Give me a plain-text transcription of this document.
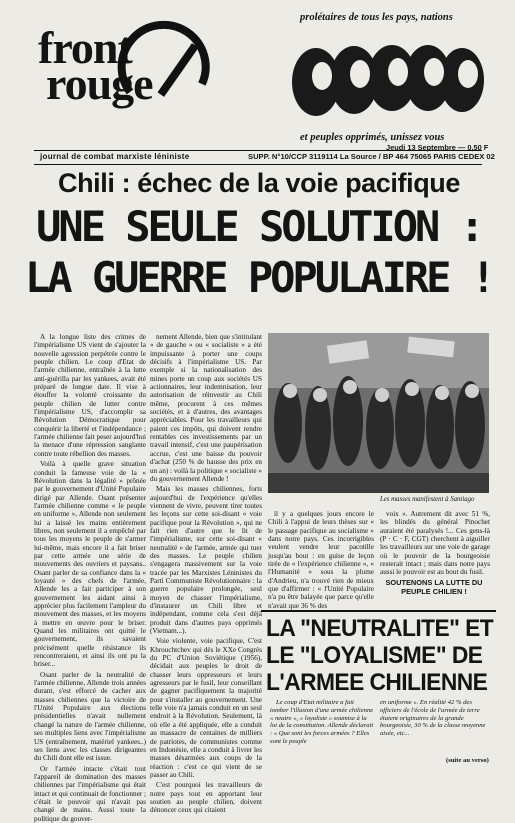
front
rouge
prolétaires de tous les pays, nations
et peuples opprimés, unissez vous
Jeudi 13 Septembre — 0,50 F
journal de combat marxiste léniniste	SUPP. N°10/CCP 3119114 La Source / BP 464 75065 PARIS CEDEX 02
Chili : échec de la voie pacifique
UNE SEULE SOLUTION :
LA GUERRE POPULAIRE !

A la longue liste des crimes de l'impérialisme US vient de s'ajouter la nouvelle agression perpétrée contre le peuple chilien. Le coup d'Etat de l'armée chilienne, entraînée à la lutte anti-guérilla par les yankees, avait été préparé de longue date. Il vise à étouffer la volonté croissante du peuple chilien de lutter contre l'impérialisme US, d'accomplir sa Révolution Démocratique pour conquérir la liberté et l'indépendance ; l'armée chilienne fait peser aujourd'hui la menace d'une répression sanglante contre toute rébellion des masses.

Voilà à quelle grave situation conduit la fameuse voie de la « Révolution dans la légalité » prônée par le gouvernement d'Unité Populaire dirigé par Allende. Osant présenter l'armée chilienne comme « le peuple en uniforme », Allende non seulement lui a laissé les mains entièrement libres, non seulement il a empêché par tous les moyens le peuple de s'armer lui-même, mais encore il a fait briser par cette armée une série de mouvements des ouvriers et paysans.. Osant parler de sa confiance dans la « loyauté » des chefs de l'armée, Allende les a fait participer à son gouvernement les aidant ainsi à apprécier plus facilement l'ampleur du mouvement des masses, et les moyens à mettre en œuvre pour le briser. Quand les militaires ont quitté le gouvernement, ils savaient précisément quelle résistance ils rencontreraient, et ainsi ils ont pu la briser...

Osant parler de la neutralité de l'armée chilienne, Allende trois années durant, s'est efforcé de cacher aux masses chiliennes que la victoire de l'Unité Populaire aux élections présidentielles n'avait nullement changé la nature de l'armée chilienne, ses multiples liens avec l'impérialisme US (entraînement, matériel yankees..) ses liens avec les classes dirigeantes du Chili dont elle est issue.

Or l'armée intacte c'était tout l'appareil de domination des masses chiliennes par l'impérialisme qui était intact et qui continuait de fonctionner ; c'était le pouvoir qui n'avait pas changé de mains. Aussi toute la politique du gouver-

nement Allende, bien que s'intitulant « de gauche » ou « socialiste » a été impuissante à porter une coups décisifs à l'impérialisme US. Par exemple si la nationalisation des mines porte un coup aux sociétés US actionnaires, leur indemnisation, leur autorisation de réinvestir au Chili même, procurent à ces mêmes sociétés, et à d'autres, des avantages appréciables. Pour les travailleurs qui paient ces impôts, qui doivent rendre rentables ces investissements par un travail intensif, c'est une paupérisation accrue, c'est une baisse du pouvoir d'achat (250 % de hausse des prix en un an) : voilà la politique « socialiste » du gouvernement Allende !

Mais les masses chiliennes, forts aujourd'hui de l'expérience qu'elles viennent de vivre, peuvent tirer toutes les leçons sur cette soi-disant « voie pacifique pour la Révolution », qui ne fait rien d'autre que le lit de l'impérialisme, sur cette soi-disant « neutralité » de l'armée, armée qui tuer des masses. Le peuple chilien s'engagera massivement sur la voie tracée par les Marxistes Léninistes du Parti Communiste Révolutionnaire : la guerre populaire prolongée, seul moyen de chasser l'impérialisme, d'instaurer un Chili libre et indépendant, comme cela s'est déjà produit dans d'autres pays opprimés (Vietnam...).

Voie violente, voie pacifique, C'est Khrouchtchev qui dès le XXe Congrès du PC d'Union Soviétique (1956), décidait aux peuples le droit de chasser leurs oppresseurs et leurs agresseurs par le fusil, leur conseillant de gagner pacifiquement la majorité pour s'installer au gouvernement. Une telle voie n'a jamais conduit en un seul endroit à la Révolution. Seulement, là où elle a été appliquée, elle a conduit au massacre de centaines de milliers de patriotes, de communistes comme en Indonésie, elle a conduit à livrer les masses désarmées aux coups de la réaction : c'est ce qui vient de se passer au Chili.

C'est pourquoi les travailleurs de notre pays tout en apportant leur soutien au peuple chilien, doivent dénoncer ceux qui citaient

Les masses manifestent à Santiago

il y a quelques jours encore le Chili à l'appui de leurs thèses sur « le passage pacifique au socialisme » dans notre pays. Ces incorrigibles veulent vendre leur pacotille jusqu'au bout : en guise de leçon tirée de « l'expérience chilienne », « l'Humanité » sous la plume d'Andrieu, n'a trouvé rien de mieux que d'affirmer : « l'Unité Populaire n'a pu être balayée que parce qu'elle n'avait que 36 % des

voix ». Autrement dit avec 51 %, les blindés du général Pinochet auraient été paralysés !... Ces gens-là (P · C · F, CGT) cherchent à aiguiller les travailleurs sur une voie de garage où le pouvoir de la bourgeoisie resterait intact ; mais dans notre pays aussi le pouvoir est au bout du fusil.

SOUTENONS LA LUTTE DU PEUPLE CHILIEN !
LA "NEUTRALITE" ET
LE "LOYALISME" DE
L'ARMEE CHILIENNE
Le coup d'Etat militaire a fait tomber l'illusion d'une armée chilienne « neutre », « loyaliste » soumise à la loi de la constitution. Allende déclarait : « Que sont les forces armées ? Elles sont le peuple
en uniforme ». En réalité 42 % des officiers de l'école de l'armée de terre étaient originaires de la grande bourgeoisie, 30 % de la classe moyenne aisée, etc...
(suite au verso)
